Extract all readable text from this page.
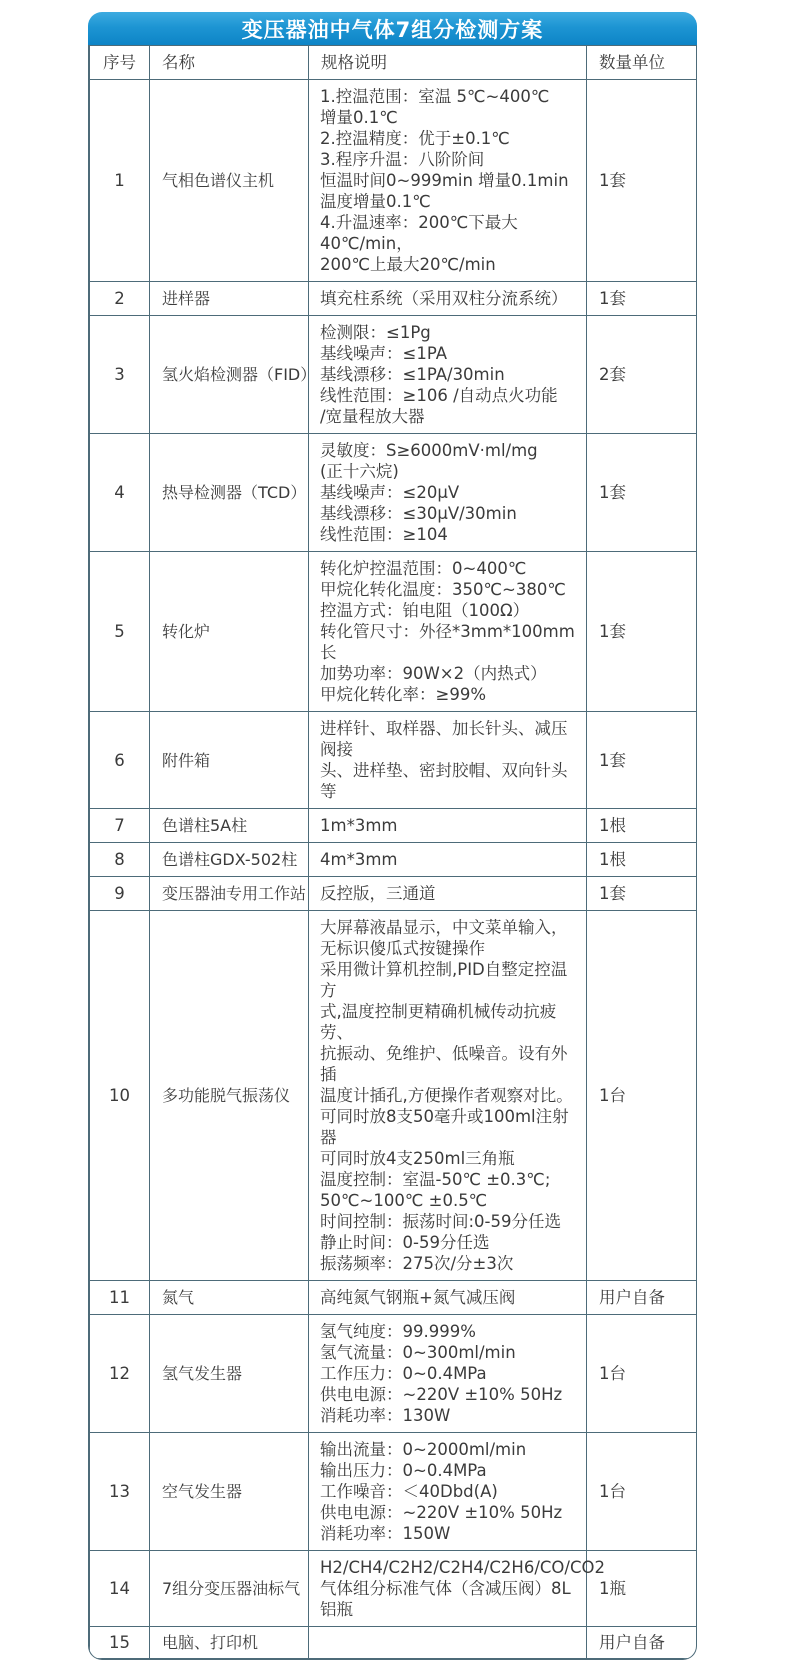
变压器油中气体7组分检测方案
序号	名称	规格说明	数量单位
1	气相色谱仪主机	
1.控温范围：室温 5℃~400℃
增量0.1℃
2.控温精度：优于±0.1℃
3.程序升温：八阶阶间
恒温时间0~999min 增量0.1min
温度增量0.1℃
4.升温速率：200℃下最大40℃/min，
200℃上最大20℃/min
	1套
2	进样器	填充柱系统（采用双柱分流系统）	1套
3	氢火焰检测器（FID）	检测限：≤1Pg
基线噪声：≤1PA
基线漂移：≤1PA/30min
线性范围：≥106 /自动点火功能
/宽量程放大器	2套
4	热导检测器（TCD）	灵敏度：S≥6000mV·ml/mg
(正十六烷)
基线噪声：≤20μV
基线漂移：≤30μV/30min
线性范围：≥104	1套
5	转化炉	
转化炉控温范围：0~400℃
甲烷化转化温度：350℃~380℃
控温方式：铂电阻（100Ω）
转化管尺寸：外径*3mm*100mm长
加势功率：90W×2（内热式）
甲烷化转化率：≥99%
	1套
6	附件箱	进样针、取样器、加长针头、减压阀接
头、进样垫、密封胶帽、双向针头等	1套
7	色谱柱5A柱	1m*3mm	1根
8	色谱柱GDX-502柱	4m*3mm	1根
9	变压器油专用工作站	反控版，三通道	1套
10	多功能脱气振荡仪	
大屏幕液晶显示，中文菜单输入，
无标识傻瓜式按键操作
采用微计算机控制,PID自整定控温方
式,温度控制更精确机械传动抗疲劳、
抗振动、免维护、低噪音。设有外插
温度计插孔,方便操作者观察对比。
可同时放8支50毫升或100ml注射器
可同时放4支250ml三角瓶
温度控制：室温-50℃ ±0.3℃;
50℃~100℃ ±0.5℃
时间控制：振荡时间:0-59分任选
静止时间：0-59分任选
振荡频率：275次/分±3次
	1台
11	氮气	高纯氮气钢瓶+氮气减压阀	用户自备
12	氢气发生器	氢气纯度：99.999%
氢气流量：0~300ml/min
工作压力：0~0.4MPa
供电电源：~220V ±10% 50Hz
消耗功率：130W	1台
13	空气发生器	输出流量：0~2000ml/min
输出压力：0~0.4MPa
工作噪音：＜40Dbd(A)
供电电源：~220V ±10% 50Hz
消耗功率：150W	1台
14	7组分变压器油标气	H2/CH4/C2H2/C2H4/C2H6/CO/CO2
气体组分标准气体（含减压阀）8L铝瓶	1瓶
15	电脑、打印机		用户自备
